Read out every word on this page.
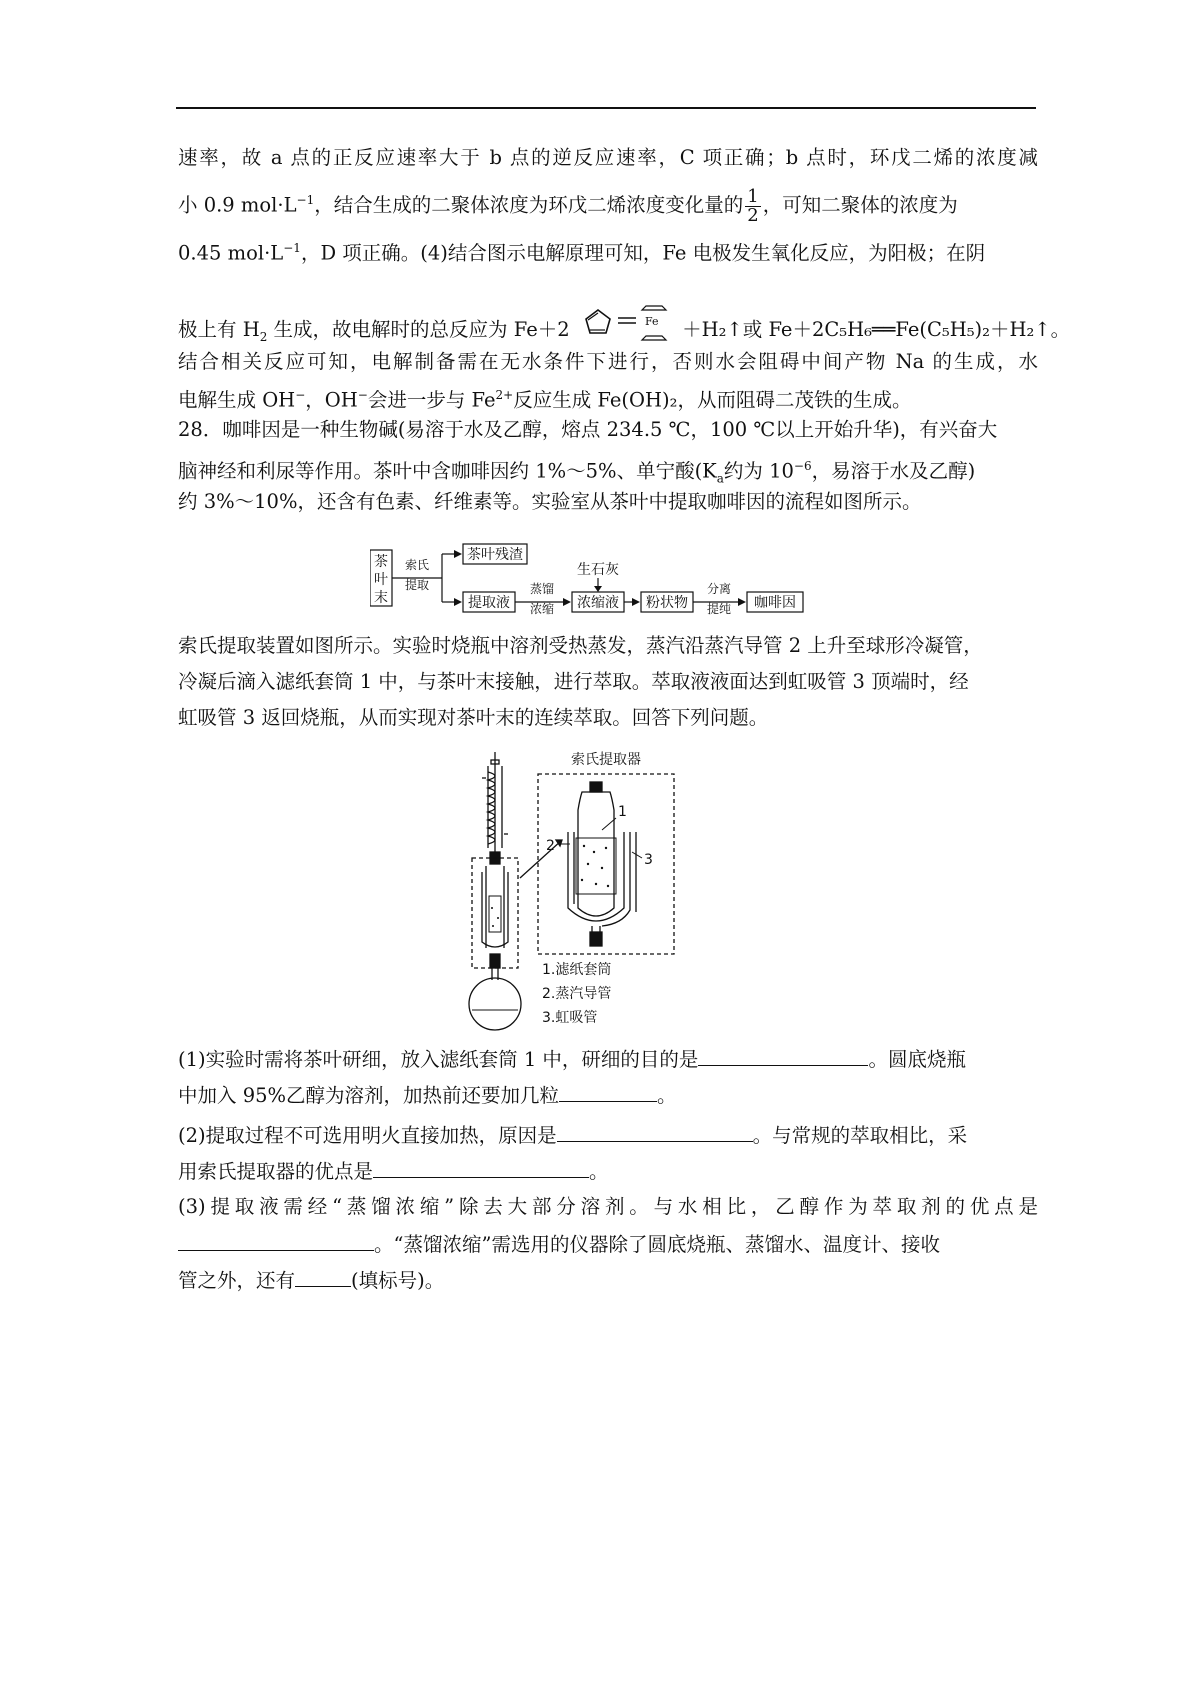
速率，故 a 点的正反应速率大于 b 点的逆反应速率，C 项正确；b 点时，环戊二烯的浓度减
小 0.9 $mol\cdot L^{-1}$，结合生成的二聚体浓度为环戊二烯浓度变化量的 $\frac{1}{2}$ ，可知二聚体的浓度为
0.45 $mol\cdot L^{-1}$，D 项正确。(4)结合图示电解原理可知，Fe 电极发生氧化反应，为阳极；在阴
极上有 $H_2$ 生成，故电解时的总反应为 Fe＋2	Fe ＋H₂↑或 Fe＋2C₅H₆══Fe(C₅H₅)₂＋H₂↑。
结合相关反应可知，电解制备需在无水条件下进行，否则水会阻碍中间产物 Na 的生成，水
电解生成 OH−，OH−会进一步与 $Fe^{2+}$反应生成 Fe(OH)₂，从而阻碍二茂铁的生成。
28．咖啡因是一种生物碱(易溶于水及乙醇，熔点 234.5 ℃，100 ℃以上开始升华)，有兴奋大
脑神经和利尿等作用。茶叶中含咖啡因约 1%～5%、单宁酸($K_a$约为 $10^{-6}$，易溶于水及乙醇)
约 3%～10%，还含有色素、纤维素等。实验室从茶叶中提取咖啡因的流程如图所示。
茶
叶
末
索氏
提取
茶叶残渣
提取液
蒸馏
浓缩
生石灰
浓缩液 粉状物
分离
提纯 咖啡因
索氏提取装置如图所示。实验时烧瓶中溶剂受热蒸发，蒸汽沿蒸汽导管 2 上升至球形冷凝管，
冷凝后滴入滤纸套筒 1 中，与茶叶末接触，进行萃取。萃取液液面达到虹吸管 3 顶端时，经
虹吸管 3 返回烧瓶，从而实现对茶叶末的连续萃取。回答下列问题。
索氏提取器
1
2
3
1.滤纸套筒
2.蒸汽导管
3.虹吸管
(1)实验时需将茶叶研细，放入滤纸套筒 1 中，研细的目的是	。圆底烧瓶
中加入 95%乙醇为溶剂，加热前还要加几粒	。
(2)提取过程不可选用明火直接加热，原因是	。与常规的萃取相比，采
用索氏提取器的优点是	。
(3)提取液需经“蒸馏浓缩”除去大部分溶剂。与水相比，乙醇作为萃取剂的优点是
。“蒸馏浓缩”需选用的仪器除了圆底烧瓶、蒸馏水、温度计、接收
管之外，还有	(填标号)。
